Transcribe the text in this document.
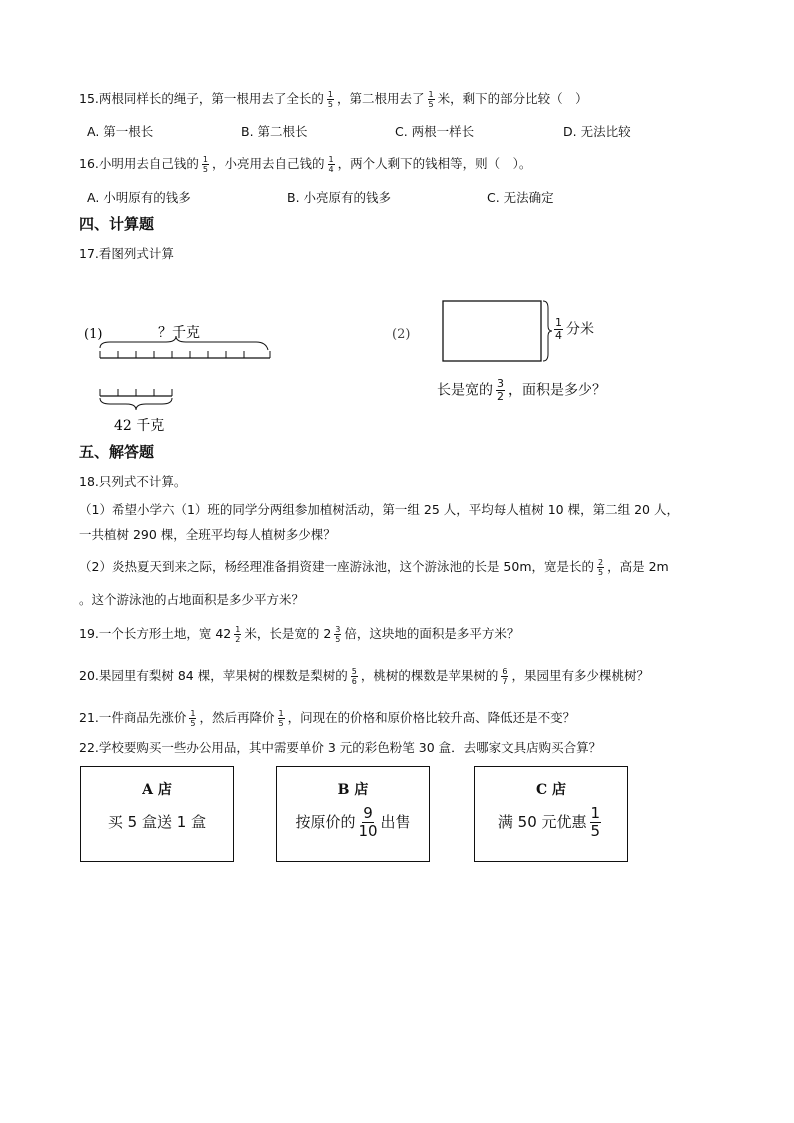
15.两根同样长的绳子，第一根用去了全长的 $\frac{1}{5}$ ，第二根用去了 $\frac{1}{5}$ 米，剩下的部分比较（　）
A. 第一根长	B. 第二根长	C. 两根一样长	D. 无法比较
16.小明用去自己钱的 $\frac{1}{5}$ ，小亮用去自己钱的 $\frac{1}{4}$ ，两个人剩下的钱相等，则（　）。
A. 小明原有的钱多	B. 小亮原有的钱多	C. 无法确定
四、计算题
17.看图列式计算
(1)	？千克
42 千克
(2)	$\frac{1}{4}$ 分米
长是宽的 $\frac{3}{2}$ ，面积是多少？
五、解答题
18.只列式不计算。
（1）希望小学六（1）班的同学分两组参加植树活动，第一组 25 人，平均每人植树 10 棵，第二组 20 人，
一共植树 290 棵，全班平均每人植树多少棵？
（2）炎热夏天到来之际，杨经理准备捐资建一座游泳池，这个游泳池的长是 50m，宽是长的 $\frac{2}{5}$ ，高是 2m
。这个游泳池的占地面积是多少平方米？
19.一个长方形土地，宽 $42 \frac{1}{2}$ 米，长是宽的 $2 \frac{3}{5}$ 倍，这块地的面积是多平方米？
20.果园里有梨树 84 棵，苹果树的棵数是梨树的 $\frac{5}{6}$ ，桃树的棵数是苹果树的 $\frac{6}{7}$ ，果园里有多少棵桃树？
21.一件商品先涨价 $\frac{1}{5}$ ，然后再降价 $\frac{1}{5}$ ，问现在的价格和原价格比较升高、降低还是不变？
22.学校要购买一些办公用品，其中需要单价 3 元的彩色粉笔 30 盒．去哪家文具店购买合算？
A 店
买 5 盒送 1 盒
B 店
按原价的 $\frac{9}{10}$ 出售
C 店
满 50 元优惠 $\frac{1}{5}$
